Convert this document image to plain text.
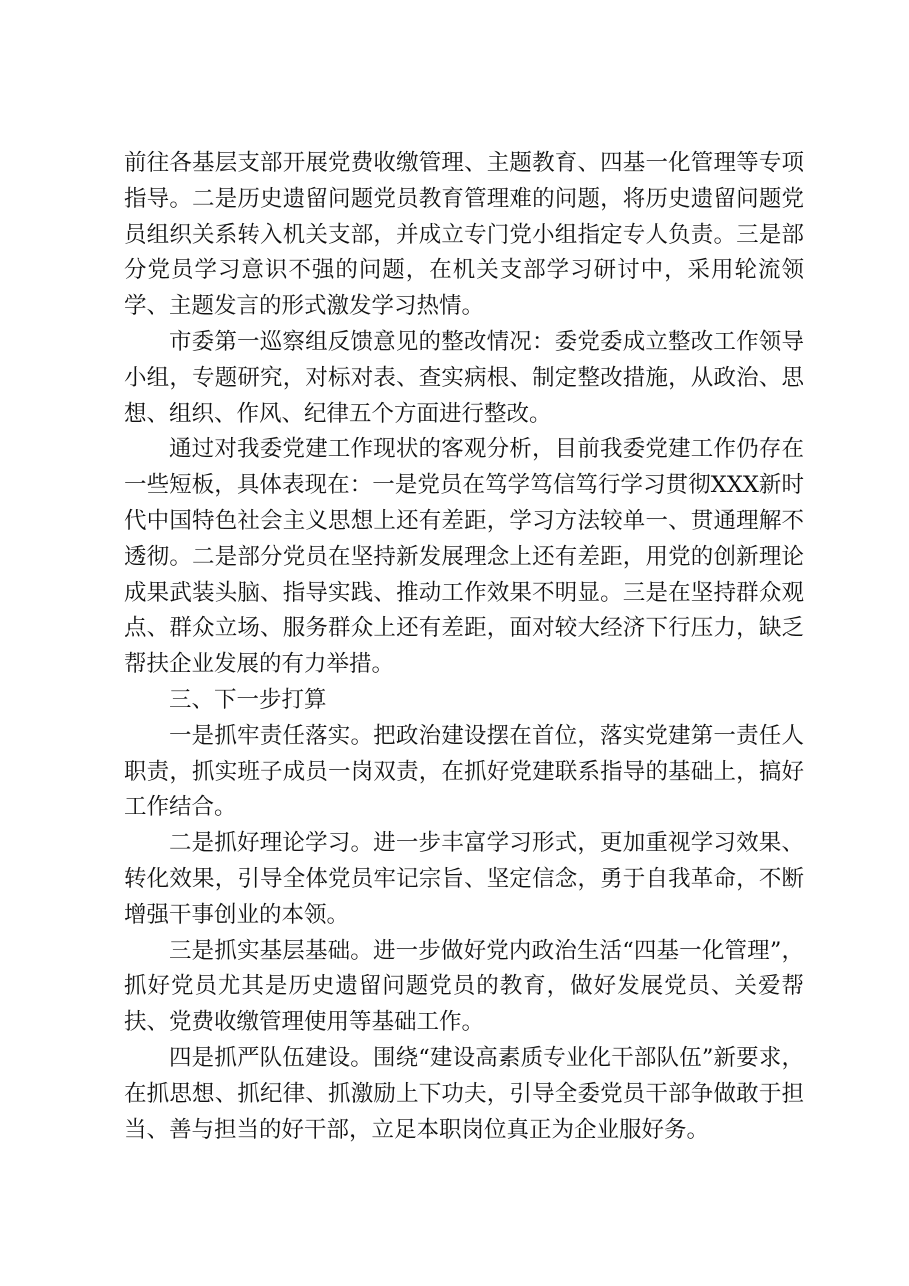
前往各基层支部开展党费收缴管理、主题教育、四基一化管理等专项指导。二是历史遗留问题党员教育管理难的问题，将历史遗留问题党员组织关系转入机关支部，并成立专门党小组指定专人负责。三是部分党员学习意识不强的问题，在机关支部学习研讨中，采用轮流领学、主题发言的形式激发学习热情。

市委第一巡察组反馈意见的整改情况：委党委成立整改工作领导小组，专题研究，对标对表、查实病根、制定整改措施，从政治、思想、组织、作风、纪律五个方面进行整改。

通过对我委党建工作现状的客观分析，目前我委党建工作仍存在一些短板，具体表现在：一是党员在笃学笃信笃行学习贯彻XXX新时代中国特色社会主义思想上还有差距，学习方法较单一、贯通理解不透彻。二是部分党员在坚持新发展理念上还有差距，用党的创新理论成果武装头脑、指导实践、推动工作效果不明显。三是在坚持群众观点、群众立场、服务群众上还有差距，面对较大经济下行压力，缺乏帮扶企业发展的有力举措。

三、下一步打算

一是抓牢责任落实。把政治建设摆在首位，落实党建第一责任人职责，抓实班子成员一岗双责，在抓好党建联系指导的基础上，搞好工作结合。

二是抓好理论学习。进一步丰富学习形式，更加重视学习效果、转化效果，引导全体党员牢记宗旨、坚定信念，勇于自我革命，不断增强干事创业的本领。

三是抓实基层基础。进一步做好党内政治生活“四基一化管理”，抓好党员尤其是历史遗留问题党员的教育，做好发展党员、关爱帮扶、党费收缴管理使用等基础工作。

四是抓严队伍建设。围绕“建设高素质专业化干部队伍”新要求，在抓思想、抓纪律、抓激励上下功夫，引导全委党员干部争做敢于担当、善与担当的好干部，立足本职岗位真正为企业服好务。
